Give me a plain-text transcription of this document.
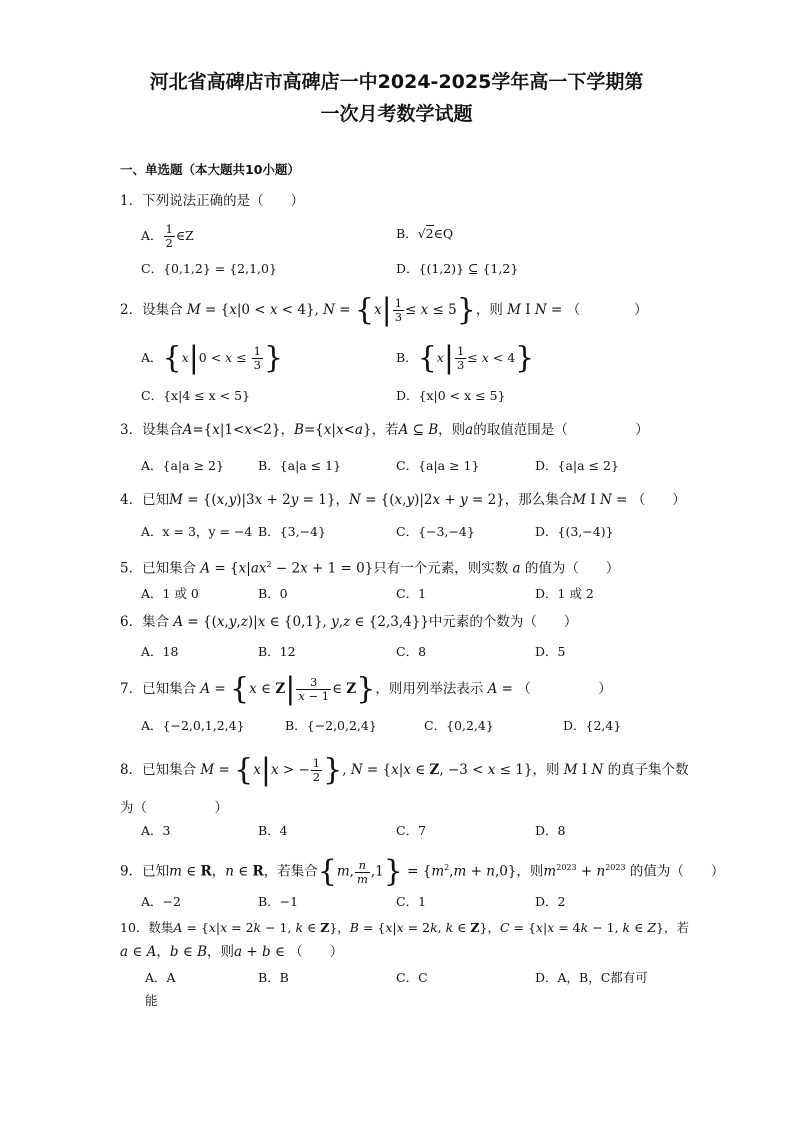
河北省高碑店市高碑店一中2024-2025学年高一下学期第
一次月考数学试题
一、单选题（本大题共10小题）
1．下列说法正确的是（　　）
A． $\frac{1}{2}$ ∈Z	B．√2∈Q
C．{0,1,2} = {2,1,0}	D．{(1,2)} ⊆ {1,2}
2．设集合 M = {x|0 < x < 4}, $N = \{x| \frac{1}{3} \le x \le 5\}$，则 M I N = （　　　　）
A．{$x|0 < x \le \frac{1}{3}$ }	B．$\{x| \frac{1}{3} \le x < 4\}$
C．{x|4 ≤ x < 5}	D．{x|0 < x ≤ 5}
3．设集合A={x|1<x<2}，B={x|x<a}，若A ⊆ B，则a的取值范围是（　　　　　）
A．{a|a ≥ 2}	B．{a|a ≤ 1}	C．{a|a ≥ 1}	D．{a|a ≤ 2}
4．已知M = {(x,y)|3x + 2y = 1}，N = {(x,y)|2x + y = 2}，那么集合M I N = （　　）
A．x = 3，y = −4 B．{3,−4}	C．{−3,−4}	D．{(3,−4)}
5．已知集合 $A = \{x|ax^2 - 2x + 1 = 0\}$只有一个元素，则实数 a 的值为（　　）
A．1 或 0	B．0	C．1	D．1 或 2
6．集合 A = {(x,y,z)|x ∈ {0,1}, y,z ∈ {2,3,4}}中元素的个数为（　　）
A．18	B．12	C．8	D．5
7．已知集合 A = {x ∈ $Z| \frac{3}{x - 1}$ ∈ Z}，则用列举法表示 A = （　　　　　）
A．{−2,0,1,2,4}	B．{−2,0,2,4}	C．{0,2,4}	D．{2,4}
8．已知集合 M = {x|x > − $\frac{1}{2}$ }, N = {x|x ∈ Z, −3 < x ≤ 1}，则 M I N 的真子集个数
为（　　　　　）
A．3	B．4	C．7	D．8
9．已知m ∈ R，n ∈ R，若集合{m, $\frac{n}{m} ,1\} = \{m^2,m + n,0\}$，则$m^{2023} + n^{2023}$ 的值为（　　）
A．−2	B．−1	C．1	D．2
10．数集A = {x|x = 2k − 1, k ∈ Z}，B = {x|x = 2k, k ∈ Z}，C = {x|x = 4k − 1, k ∈ Z}，若
a ∈ A，b ∈ B，则a + b ∈ （　　）
A．A	B．B	C．C	D．A，B，C都有可
能
